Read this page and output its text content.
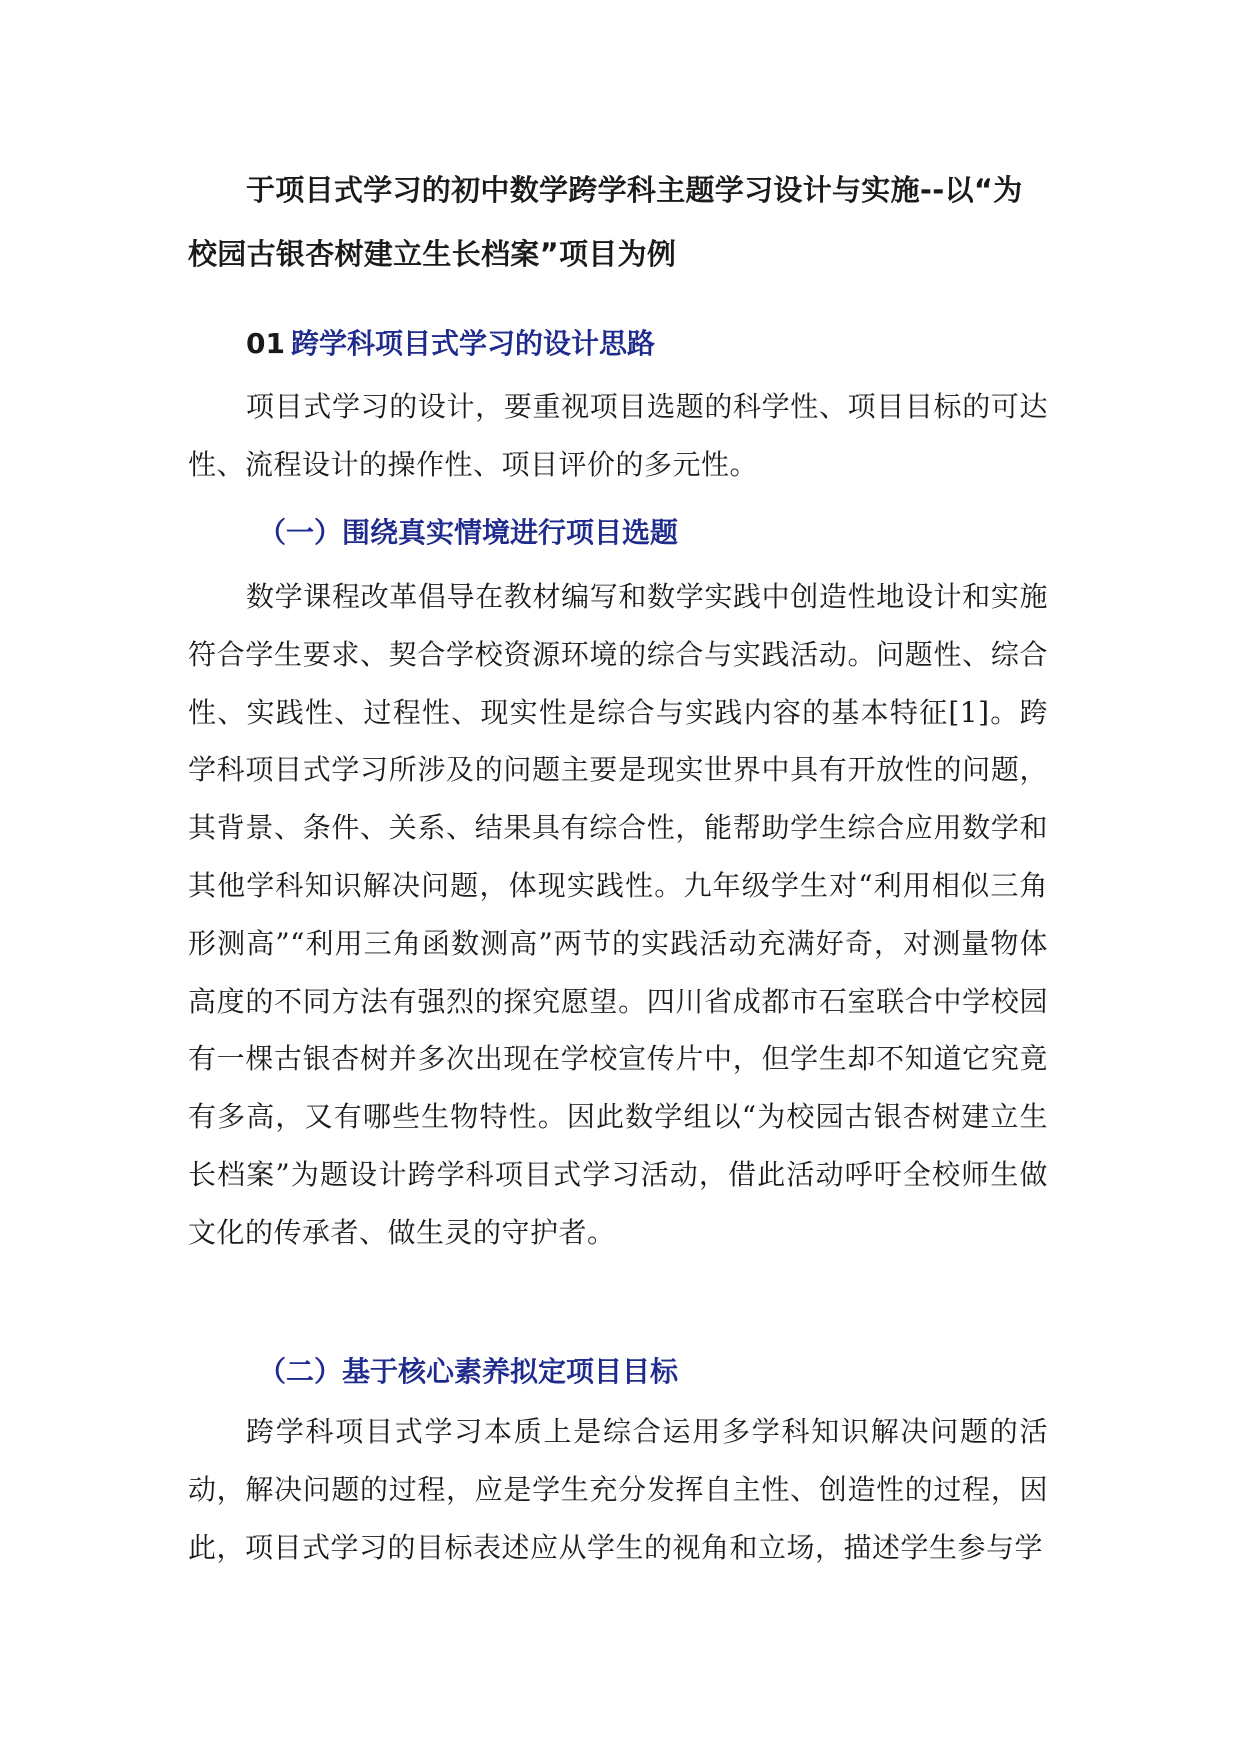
于项目式学习的初中数学跨学科主题学习设计与实施--以“为校园古银杏树建立生长档案”项目为例

01 跨学科项目式学习的设计思路

项目式学习的设计，要重视项目选题的科学性、项目目标的可达性、流程设计的操作性、项目评价的多元性。

（一）围绕真实情境进行项目选题

数学课程改革倡导在教材编写和数学实践中创造性地设计和实施符合学生要求、契合学校资源环境的综合与实践活动。问题性、综合性、实践性、过程性、现实性是综合与实践内容的基本特征[1]。跨学科项目式学习所涉及的问题主要是现实世界中具有开放性的问题，其背景、条件、关系、结果具有综合性，能帮助学生综合应用数学和其他学科知识解决问题，体现实践性。九年级学生对“利用相似三角形测高”“利用三角函数测高”两节的实践活动充满好奇，对测量物体高度的不同方法有强烈的探究愿望。四川省成都市石室联合中学校园有一棵古银杏树并多次出现在学校宣传片中，但学生却不知道它究竟有多高，又有哪些生物特性。因此数学组以“为校园古银杏树建立生长档案”为题设计跨学科项目式学习活动，借此活动呼吁全校师生做文化的传承者、做生灵的守护者。

（二）基于核心素养拟定项目目标

跨学科项目式学习本质上是综合运用多学科知识解决问题的活动，解决问题的过程，应是学生充分发挥自主性、创造性的过程，因此，项目式学习的目标表述应从学生的视角和立场，描述学生参与学
